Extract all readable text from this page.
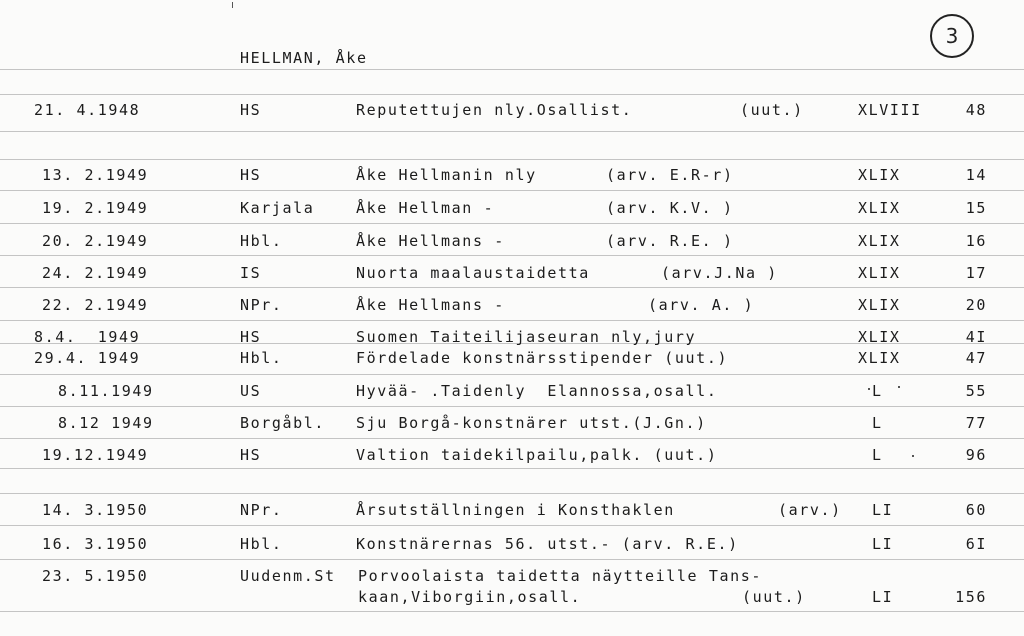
HELLMAN, Åke
3
21. 4.1948	HS	Reputettujen nly.Osallist.	(uut.)	XLVIII	48
13. 2.1949	HS	Åke Hellmanin nly	(arv. E.R-r)	XLIX	14
19. 2.1949	Karjala	Åke Hellman -	(arv. K.V. )	XLIX	15
20. 2.1949	Hbl.	Åke Hellmans -	(arv. R.E. )	XLIX	16
24. 2.1949	IS	Nuorta maalaustaidetta	(arv.J.Na )	XLIX	17
22. 2.1949	NPr.	Åke Hellmans -	(arv. A. )	XLIX	20
8.4.  1949	HS	Suomen Taiteilijaseuran nly,jury	XLIX	4I
29.4. 1949	Hbl.	Fördelade konstnärsstipender (uut.)	XLIX	47
8.11.1949	US	Hyvää- .Taidenly  Elannossa,osall.	L	55
8.12 1949	Borgåbl. Sju Borgå-konstnärer utst.(J.Gn.)	L	77
19.12.1949	HS	Valtion taidekilpailu,palk. (uut.)	L	96
14. 3.1950	NPr.	Årsutställningen i Konsthaklen	(arv.) LI	60
16. 3.1950	Hbl.	Konstnärernas 56. utst.- (arv. R.E.)	LI	6I
23. 5.1950	Uudenm.St Porvoolaista taidetta näytteille Tans-
kaan,Viborgiin,osall.	(uut.)	LI	156
